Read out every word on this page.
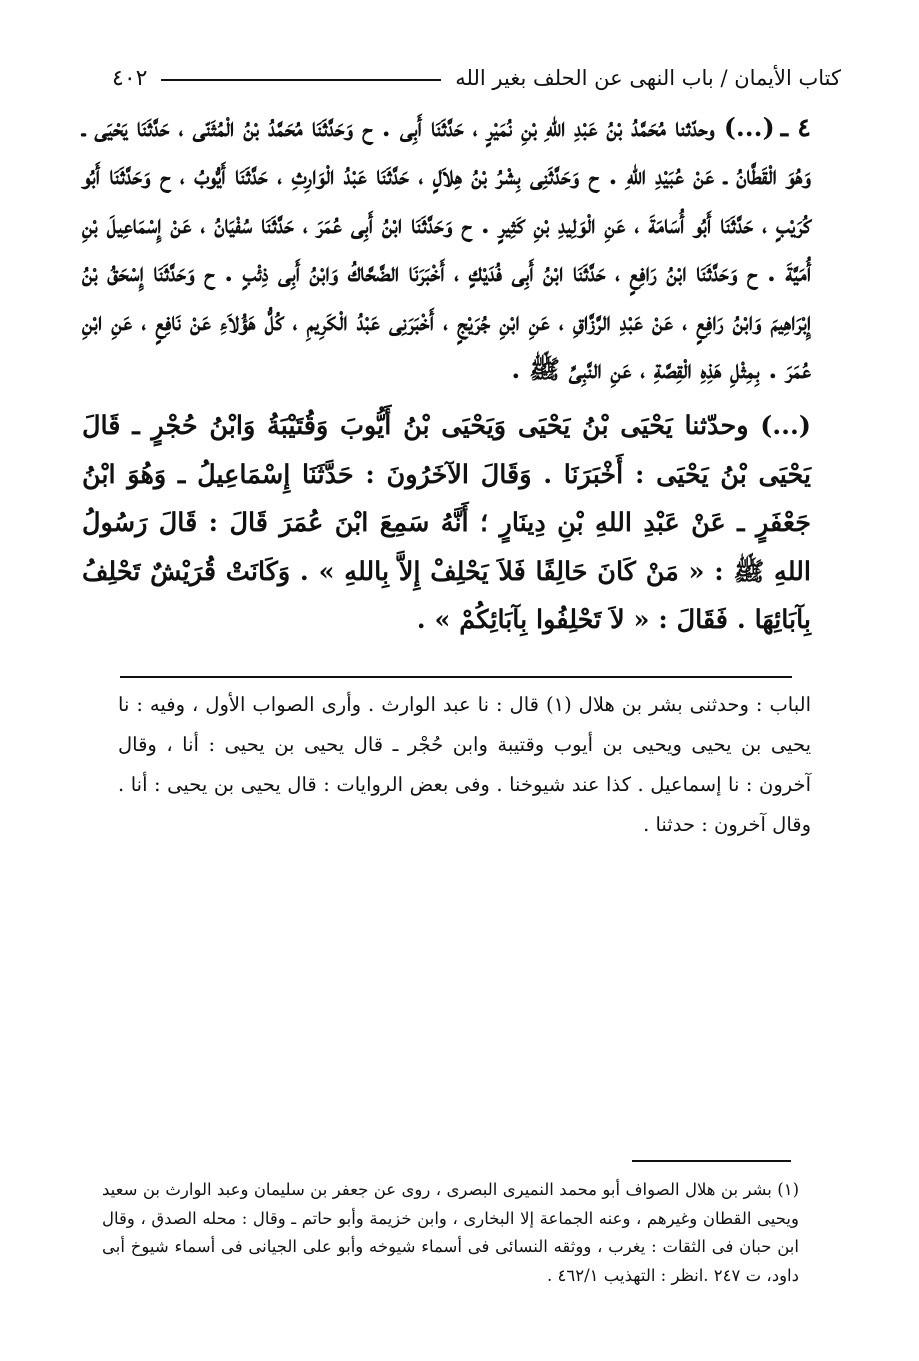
كتاب الأيمان / باب النهى عن الحلف بغير الله
٤٠٢

٤ ـ(...) وحدّثنا مُحَمَّدُ بْنُ عَبْدِ اللهِ بْنِ نُمَيْرٍ ، حَدَّثَنَا أَبِى . ح وَحَدَّثَنَا مُحَمَّدُ بْنُ الْمُثَنّى ، حَدَّثَنَا يَحْيَى ـ وَهُوَ الْقَطَّانُ ـ عَنْ عُبَيْدِ اللهِ . ح وَحَدَّثَنِى بِشْرُ بْنُ هِلاَلٍ ، حَدَّثَنَا عَبْدُ الْوَارِثِ ، حَدَّثَنَا أَيُّوبُ ، ح وَحَدَّثَنَا أَبُو كُرَيْبٍ ، حَدَّثَنَا أَبُو أُسَامَةَ ، عَنِ الْوَلِيدِ بْنِ كَثِيرٍ . ح وَحَدَّثَنَا ابْنُ أَبِى عُمَرَ ، حَدَّثَنَا سُفْيَانُ ، عَنْ إِسْمَاعِيلَ بْنِ أُمَيَّةَ . ح وَحَدَّثَنَا ابْنُ رَافِعٍ ، حَدَّثَنَا ابْنُ أَبِى فُدَيْكٍ ، أَخْبَرَنَا الضَّحَّاكُ وَابْنُ أَبِى ذِئْبٍ . ح وَحَدَّثَنَا إِسْحَقُ بْنُ إِبْرَاهِيمَ وَابْنُ رَافِعٍ ، عَنْ عَبْدِ الرَّزَّاقِ ، عَنِ ابْنِ جُرَيْجٍ ، أَخْبَرَنِى عَبْدُ الْكَرِيمِ ، كُلُّ هَؤُلاَءِ عَنْ نَافِعٍ ، عَنِ ابْنِ عُمَرَ . بِمِثْلِ هَذِهِ الْقِصَّةِ ، عَنِ النَّبِىِّ ﷺ .

(...) وحدّثنا يَحْيَى بْنُ يَحْيَى وَيَحْيَى بْنُ أَيُّوبَ وَقُتَيْبَةُ وَابْنُ حُجْرٍ ـ قَالَ يَحْيَى بْنُ يَحْيَى : أَخْبَرَنَا . وَقَالَ الآخَرُونَ : حَدَّثَنَا إِسْمَاعِيلُ ـ وَهُوَ ابْنُ جَعْفَرٍ ـ عَنْ عَبْدِ اللهِ بْنِ دِينَارٍ ؛ أَنَّهُ سَمِعَ ابْنَ عُمَرَ قَالَ : قَالَ رَسُولُ اللهِ ﷺ : « مَنْ كَانَ حَالِفًا فَلاَ يَحْلِفْ إِلاَّ بِاللهِ » . وَكَانَتْ قُرَيْشٌ تَحْلِفُ بِآبَائِهَا . فَقَالَ : « لاَ تَحْلِفُوا بِآبَائِكُمْ » .

الباب : وحدثنى بشر بن هلال (١) قال : نا عبد الوارث . وأرى الصواب الأول ، وفيه : نا يحيى بن يحيى ويحيى بن أيوب وقتيبة وابن حُجْر ـ قال يحيى بن يحيى : أنا ، وقال آخرون : نا إسماعيل . كذا عند شيوخنا . وفى بعض الروايات : قال يحيى بن يحيى : أنا . وقال آخرون : حدثنا .
(١) بشر بن هلال الصواف أبو محمد النميرى البصرى ، روى عن جعفر بن سليمان وعبد الوارث بن سعيد ويحيى القطان وغيرهم ، وعنه الجماعة إلا البخارى ، وابن خزيمة وأبو حاتم ـ وقال : محله الصدق ، وقال ابن حبان فى الثقات : يغرب ، ووثقه النسائى فى أسماء شيوخه وأبو على الجيانى فى أسماء شيوخ أبى داود، ت ٢٤٧ .انظر : التهذيب ٤٦٢/١ .
